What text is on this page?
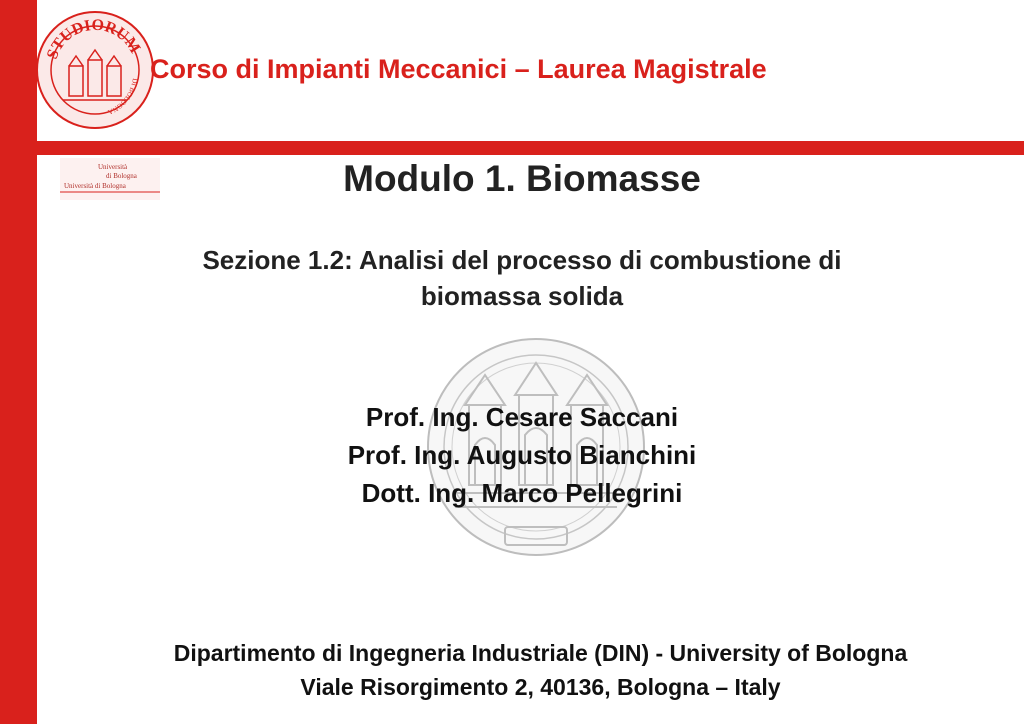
STUDIORUM
DI BOLOGNA
Università
di Bologna
Università di Bologna
Corso di Impianti Meccanici – Laurea Magistrale
Modulo 1. Biomasse
Sezione 1.2: Analisi del processo di combustione di
biomassa solida
Prof. Ing. Cesare Saccani
Prof. Ing. Augusto Bianchini
Dott. Ing. Marco Pellegrini
Dipartimento di Ingegneria Industriale (DIN) - University of Bologna
Viale Risorgimento 2, 40136, Bologna – Italy
